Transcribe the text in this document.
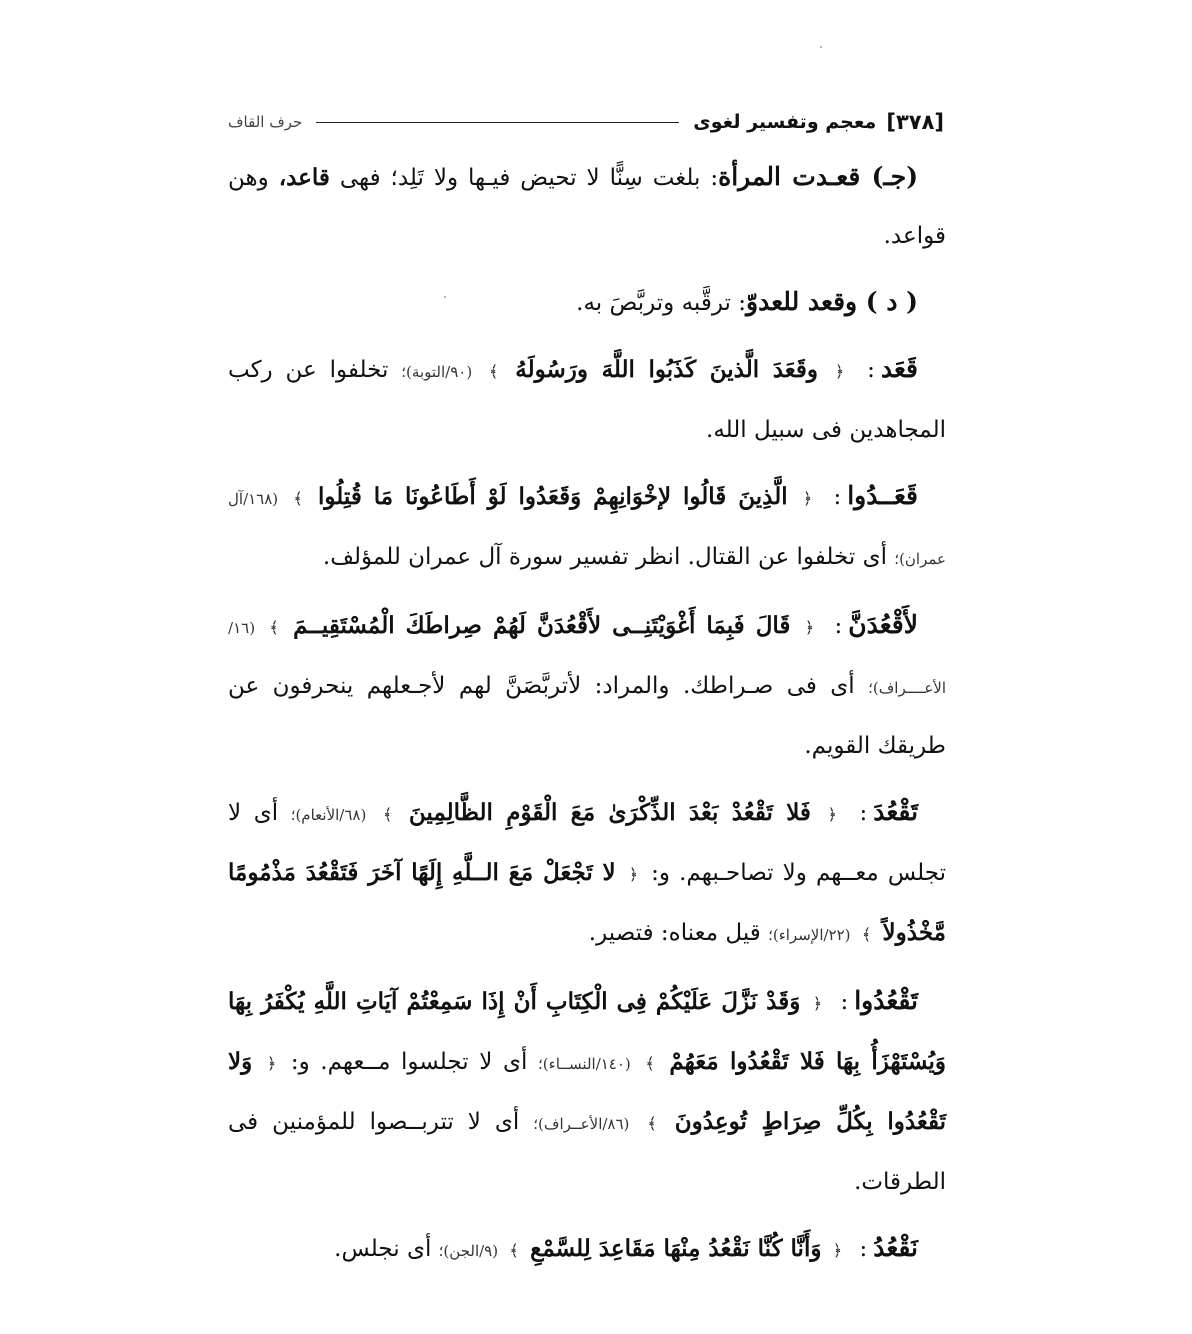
[٣٧٨]
معجم وتفسير لغوى
حرف القاف

(جـ) قعـدت المرأة: بلغت سِنًّا لا تحيض فيـها ولا تَلِد؛ فهى قاعد، وهن قواعد.

( د ) وقعد للعدوّ: ترقَّبه وتربَّصَ به.

قَعَد: ﴿ وقَعَدَ الَّذينَ كَذَبُوا اللَّهَ ورَسُولَهُ ﴾ (٩٠/التوبة)؛ تخلفوا عن ركب المجاهدين فى سبيل الله.

قَعَــدُوا: ﴿ الَّذِينَ قَالُوا لإخْوَانِهِمْ وَقَعَدُوا لَوْ أَطَاعُونَا مَا قُتِلُوا ﴾ (١٦٨/آل عمران)؛ أى تخلفوا عن القتال. انظر تفسير سورة آل عمران للمؤلف.

لأَقْعُدَنَّ: ﴿ قَالَ فَبِمَا أَغْوَيْتَنِــى لأَقْعُدَنَّ لَهُمْ صِراطَكَ الْمُسْتَقِيــمَ ﴾ (١٦/الأعــــراف)؛ أى فى صـراطك. والمراد: لأتربَّصَنَّ لهم لأجـعلهم ينحرفون عن طريقك القويم.

تَقْعُدَ: ﴿ فَلا تَقْعُدْ بَعْدَ الذِّكْرَىٰ مَعَ الْقَوْمِ الظَّالِمِينَ ﴾ (٦٨/الأنعام)؛ أى لا تجلس معــهم ولا تصاحـبهم. و: ﴿ لا تَجْعَلْ مَعَ الــلَّهِ إِلَهًا آخَرَ فَتَقْعُدَ مَذْمُومًا مَّخْذُولاً ﴾ (٢٢/الإسراء)؛ قيل معناه: فتصير.

تَقْعُدُوا: ﴿ وَقَدْ نَزَّلَ عَلَيْكُمْ فِى الْكِتَابِ أَنْ إِذَا سَمِعْتُمْ آيَاتِ اللَّهِ يُكْفَرُ بِهَا وَيُسْتَهْزَأُ بِهَا فَلا تَقْعُدُوا مَعَهُمْ ﴾ (١٤٠/النســاء)؛ أى لا تجلسوا مــعهم. و: ﴿ وَلا تَقْعُدُوا بِكُلِّ صِرَاطٍ تُوعِدُونَ ﴾ (٨٦/الأعــراف)؛ أى لا تتربــصوا للمؤمنين فى الطرقات.

نَقْعُدُ: ﴿ وَأَنَّا كُنَّا نَقْعُدُ مِنْهَا مَقَاعِدَ لِلسَّمْعِ ﴾ (٩/الجن)؛ أى نجلس.
